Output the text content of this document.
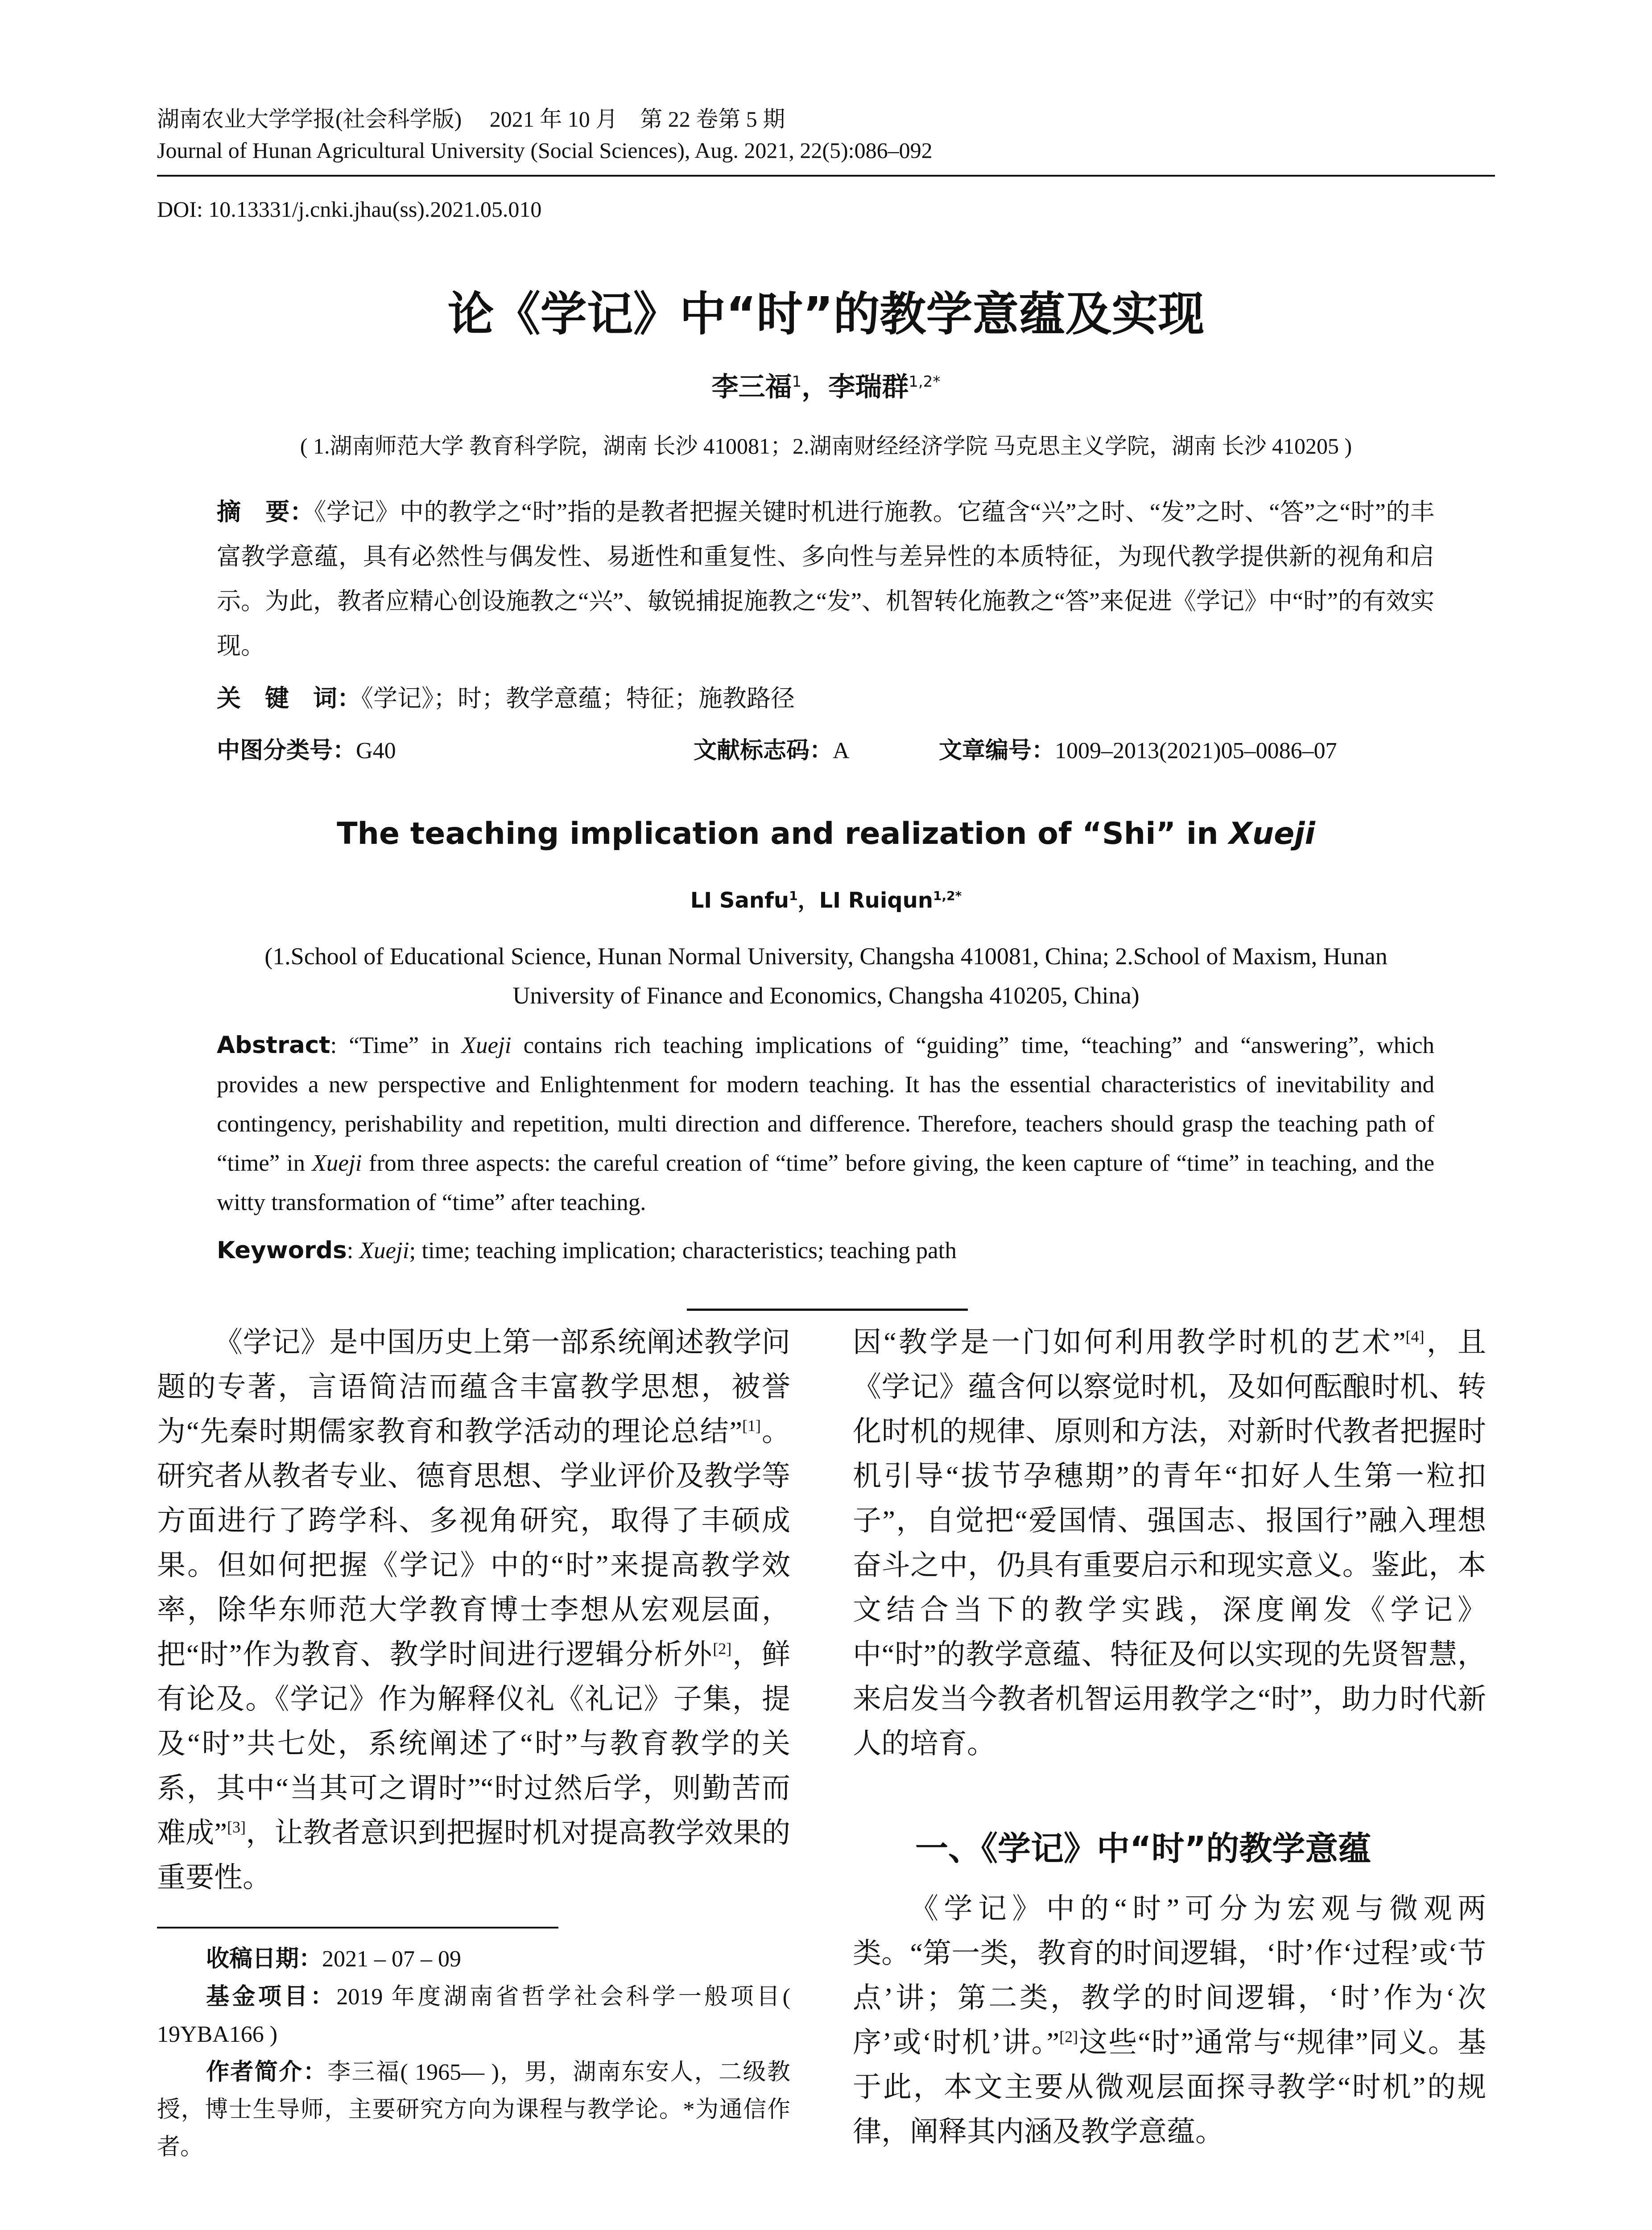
湖南农业大学学报(社会科学版)　 2021 年 10 月　第 22 卷第 5 期
Journal of Hunan Agricultural University (Social Sciences), Aug. 2021, 22(5):086–092
DOI: 10.13331/j.cnki.jhau(ss).2021.05.010
论《学记》中“时”的教学意蕴及实现
李三福$^1$，李瑞群$^{1,2*}$
( 1.湖南师范大学 教育科学院，湖南 长沙 410081；2.湖南财经经济学院 马克思主义学院，湖南 长沙 410205 )
摘　要：《学记》中的教学之“时”指的是教者把握关键时机进行施教。它蕴含“兴”之时、“发”之时、“答”之“时”的丰富教学意蕴，具有必然性与偶发性、易逝性和重复性、多向性与差异性的本质特征，为现代教学提供新的视角和启示。为此，教者应精心创设施教之“兴”、敏锐捕捉施教之“发”、机智转化施教之“答”来促进《学记》中“时”的有效实现。
关　键　词：《学记》；时；教学意蕴；特征；施教路径
中图分类号：G40	文献标志码：A	文章编号：1009–2013(2021)05–0086–07
The teaching implication and realization of “Shi” in Xueji
LI Sanfu$^1$，LI Ruiqun$^{1,2*}$
(1.School of Educational Science, Hunan Normal University, Changsha 410081, China; 2.School of Maxism, Hunan University of Finance and Economics, Changsha 410205, China)
Abstract: “Time” in Xueji contains rich teaching implications of “guiding” time, “teaching” and “answering”, which provides a new perspective and Enlightenment for modern teaching. It has the essential characteristics of inevitability and contingency, perishability and repetition, multi direction and difference. Therefore, teachers should grasp the teaching path of “time” in Xueji from three aspects: the careful creation of “time” before giving, the keen capture of “time” in teaching, and the witty transformation of “time” after teaching.
Keywords: Xueji; time; teaching implication; characteristics; teaching path

《学记》是中国历史上第一部系统阐述教学问题的专著，言语简洁而蕴含丰富教学思想，被誉为“先秦时期儒家教育和教学活动的理论总结”[1]。研究者从教者专业、德育思想、学业评价及教学等方面进行了跨学科、多视角研究，取得了丰硕成果。但如何把握《学记》中的“时”来提高教学效率，除华东师范大学教育博士李想从宏观层面，把“时”作为教育、教学时间进行逻辑分析外[2]，鲜有论及。《学记》作为解释仪礼《礼记》子集，提及“时”共七处，系统阐述了“时”与教育教学的关系，其中“当其可之谓时”“时过然后学，则勤苦而难成”[3]，让教者意识到把握时机对提高教学效果的重要性。

因“教学是一门如何利用教学时机的艺术”[4]，且《学记》蕴含何以察觉时机，及如何酝酿时机、转化时机的规律、原则和方法，对新时代教者把握时机引导“拔节孕穗期”的青年“扣好人生第一粒扣子”，自觉把“爱国情、强国志、报国行”融入理想奋斗之中，仍具有重要启示和现实意义。鉴此，本文结合当下的教学实践，深度阐发《学记》中“时”的教学意蕴、特征及何以实现的先贤智慧，来启发当今教者机智运用教学之“时”，助力时代新人的培育。

一、《学记》中“时”的教学意蕴

《学记》中的“时”可分为宏观与微观两类。“第一类，教育的时间逻辑，‘时’作‘过程’或‘节点’讲；第二类，教学的时间逻辑，‘时’作为‘次序’或‘时机’讲。”[2]这些“时”通常与“规律”同义。基于此，本文主要从微观层面探寻教学“时机”的规律，阐释其内涵及教学意蕴。

收稿日期：2021 – 07 – 09

基金项目：2019 年度湖南省哲学社会科学一般项目( 19YBA166 )

作者简介：李三福( 1965— )，男，湖南东安人，二级教授，博士生导师，主要研究方向为课程与教学论。*为通信作者。
